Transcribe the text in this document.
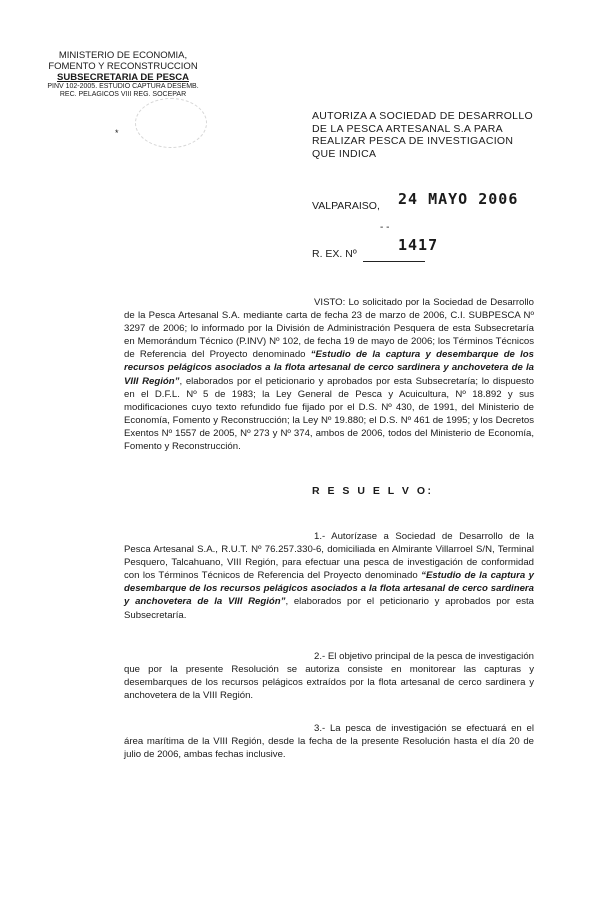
MINISTERIO DE ECONOMIA,
FOMENTO Y RECONSTRUCCION
SUBSECRETARIA DE PESCA
PINV 102-2005. ESTUDIO CAPTURA DESEMB.
REC. PELAGICOS VIII REG. SOCEPAR
*
AUTORIZA A SOCIEDAD DE DESARROLLO
DE LA PESCA ARTESANAL S.A PARA
REALIZAR PESCA DE INVESTIGACION
QUE INDICA
VALPARAISO, 24 MAYO 2006
- -
R. EX. Nº	1417
VISTO: Lo solicitado por la Sociedad de Desarrollo de la Pesca Artesanal S.A. mediante carta de fecha 23 de marzo de 2006, C.I. SUBPESCA Nº 3297 de 2006; lo informado por la División de Administración Pesquera de esta Subsecretaría en Memorándum Técnico (P.INV) Nº 102, de fecha 19 de mayo de 2006; los Términos Técnicos de Referencia del Proyecto denominado “Estudio de la captura y desembarque de los recursos pelágicos asociados a la flota artesanal de cerco sardinera y anchovetera de la VIII Región”, elaborados por el peticionario y aprobados por esta Subsecretaría; lo dispuesto en el D.F.L. Nº 5 de 1983; la Ley General de Pesca y Acuicultura, Nº 18.892 y sus modificaciones cuyo texto refundido fue fijado por el D.S. Nº 430, de 1991, del Ministerio de Economía, Fomento y Reconstrucción; la Ley Nº 19.880; el D.S. Nº 461 de 1995; y los Decretos Exentos Nº 1557 de 2005, Nº 273 y Nº 374, ambos de 2006, todos del Ministerio de Economía, Fomento y Reconstrucción.
R E S U E L V O:
1.- Autorízase a Sociedad de Desarrollo de la Pesca Artesanal S.A., R.U.T. Nº 76.257.330-6, domiciliada en Almirante Villarroel S/N, Terminal Pesquero, Talcahuano, VIII Región, para efectuar una pesca de investigación de conformidad con los Términos Técnicos de Referencia del Proyecto denominado “Estudio de la captura y desembarque de los recursos pelágicos asociados a la flota artesanal de cerco sardinera y anchovetera de la VIII Región”, elaborados por el peticionario y aprobados por esta Subsecretaría.
2.- El objetivo principal de la pesca de investigación que por la presente Resolución se autoriza consiste en monitorear las capturas y desembarques de los recursos pelágicos extraídos por la flota artesanal de cerco sardinera y anchovetera de la VIII Región.
3.- La pesca de investigación se efectuará en el área marítima de la VIII Región, desde la fecha de la presente Resolución hasta el día 20 de julio de 2006, ambas fechas inclusive.
